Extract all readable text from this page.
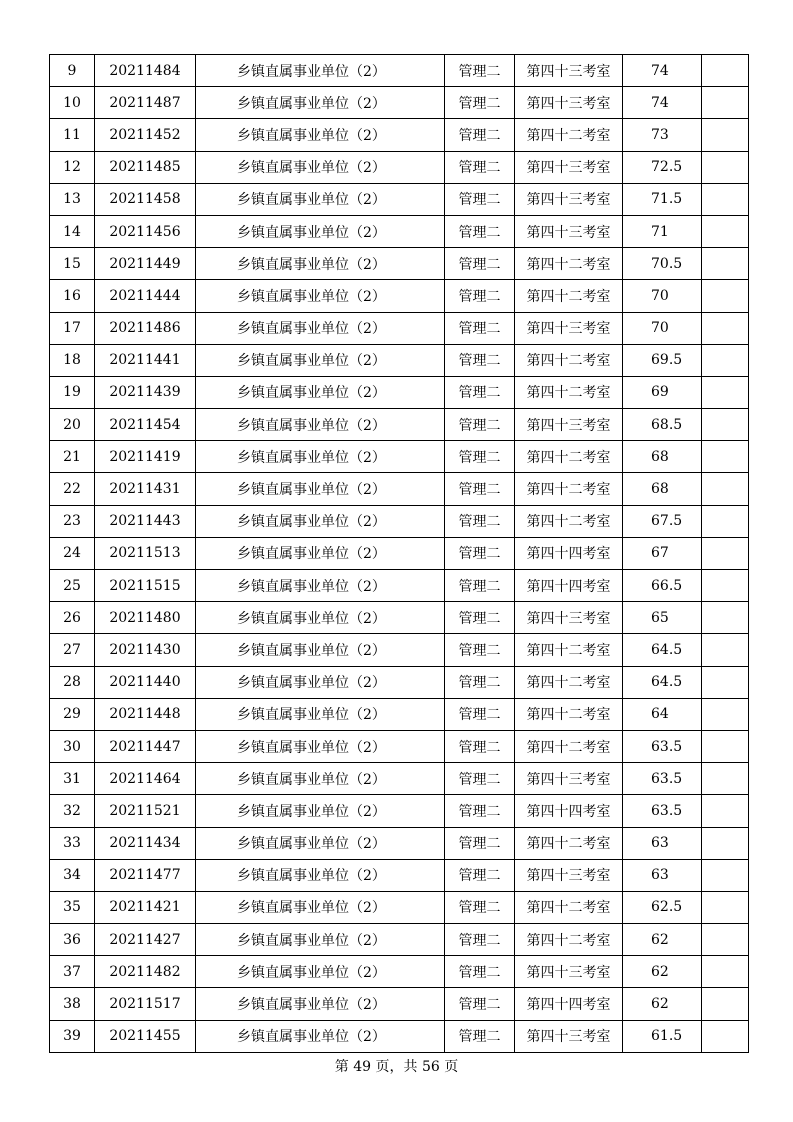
9	20211484	乡镇直属事业单位（2）	管理二	第四十三考室	74	
10	20211487	乡镇直属事业单位（2）	管理二	第四十三考室	74	
11	20211452	乡镇直属事业单位（2）	管理二	第四十二考室	73	
12	20211485	乡镇直属事业单位（2）	管理二	第四十三考室	72.5	
13	20211458	乡镇直属事业单位（2）	管理二	第四十三考室	71.5	
14	20211456	乡镇直属事业单位（2）	管理二	第四十三考室	71	
15	20211449	乡镇直属事业单位（2）	管理二	第四十二考室	70.5	
16	20211444	乡镇直属事业单位（2）	管理二	第四十二考室	70	
17	20211486	乡镇直属事业单位（2）	管理二	第四十三考室	70	
18	20211441	乡镇直属事业单位（2）	管理二	第四十二考室	69.5	
19	20211439	乡镇直属事业单位（2）	管理二	第四十二考室	69	
20	20211454	乡镇直属事业单位（2）	管理二	第四十三考室	68.5	
21	20211419	乡镇直属事业单位（2）	管理二	第四十二考室	68	
22	20211431	乡镇直属事业单位（2）	管理二	第四十二考室	68	
23	20211443	乡镇直属事业单位（2）	管理二	第四十二考室	67.5	
24	20211513	乡镇直属事业单位（2）	管理二	第四十四考室	67	
25	20211515	乡镇直属事业单位（2）	管理二	第四十四考室	66.5	
26	20211480	乡镇直属事业单位（2）	管理二	第四十三考室	65	
27	20211430	乡镇直属事业单位（2）	管理二	第四十二考室	64.5	
28	20211440	乡镇直属事业单位（2）	管理二	第四十二考室	64.5	
29	20211448	乡镇直属事业单位（2）	管理二	第四十二考室	64	
30	20211447	乡镇直属事业单位（2）	管理二	第四十二考室	63.5	
31	20211464	乡镇直属事业单位（2）	管理二	第四十三考室	63.5	
32	20211521	乡镇直属事业单位（2）	管理二	第四十四考室	63.5	
33	20211434	乡镇直属事业单位（2）	管理二	第四十二考室	63	
34	20211477	乡镇直属事业单位（2）	管理二	第四十三考室	63	
35	20211421	乡镇直属事业单位（2）	管理二	第四十二考室	62.5	
36	20211427	乡镇直属事业单位（2）	管理二	第四十二考室	62	
37	20211482	乡镇直属事业单位（2）	管理二	第四十三考室	62	
38	20211517	乡镇直属事业单位（2）	管理二	第四十四考室	62	
39	20211455	乡镇直属事业单位（2）	管理二	第四十三考室	61.5	
第 49 页，共 56 页
